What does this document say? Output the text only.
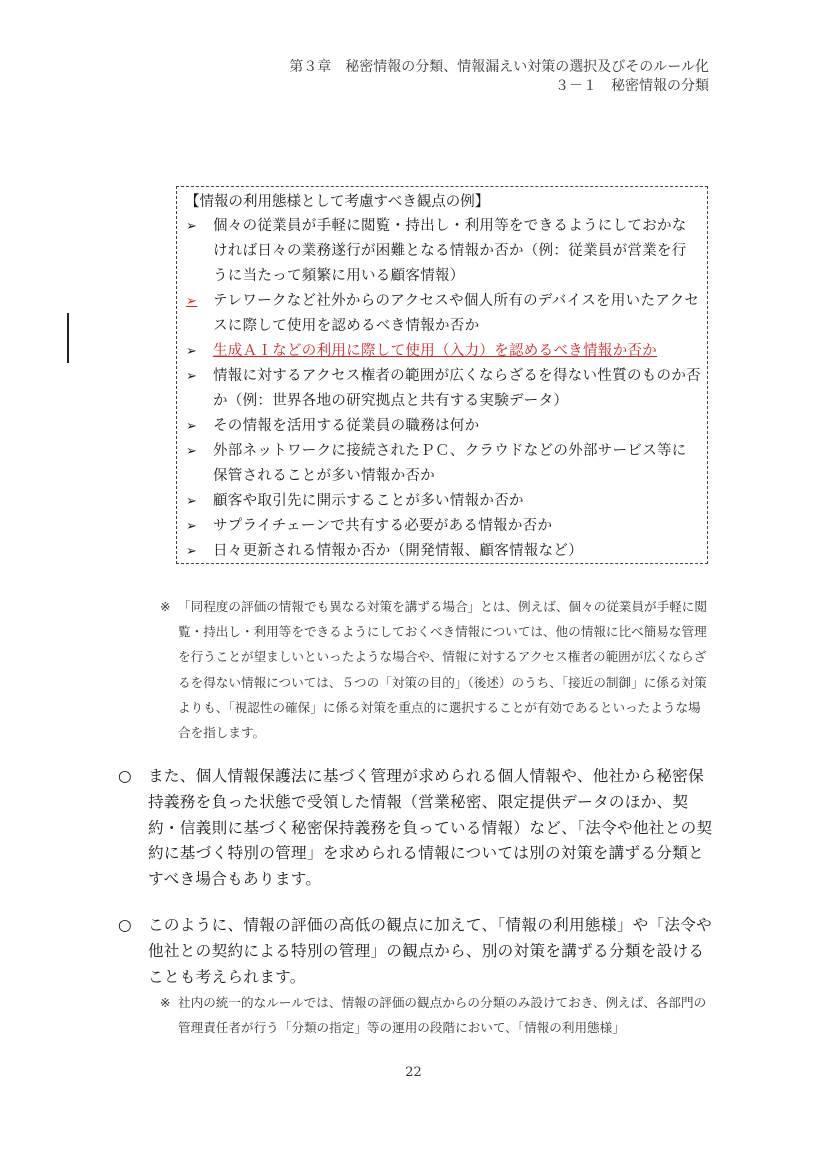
第３章　秘密情報の分類、情報漏えい対策の選択及びそのルール化
３－１　秘密情報の分類
【情報の利用態様として考慮すべき観点の例】
➢	個々の従業員が手軽に閲覧・持出し・利用等をできるようにしておかなければ日々の業務遂行が困難となる情報か否か（例：従業員が営業を行うに当たって頻繁に用いる顧客情報）
➢	テレワークなど社外からのアクセスや個人所有のデバイスを用いたアクセスに際して使用を認めるべき情報か否か
➢	生成ＡＩなどの利用に際して使用（入力）を認めるべき情報か否か
➢	情報に対するアクセス権者の範囲が広くならざるを得ない性質のものか否か（例：世界各地の研究拠点と共有する実験データ）
➢	その情報を活用する従業員の職務は何か
➢	外部ネットワークに接続されたＰＣ、クラウドなどの外部サービス等に保管されることが多い情報か否か
➢	顧客や取引先に開示することが多い情報か否か
➢	サプライチェーンで共有する必要がある情報か否か
➢	日々更新される情報か否か（開発情報、顧客情報など）
※ 「同程度の評価の情報でも異なる対策を講ずる場合」とは、例えば、個々の従業員が手軽に閲覧・持出し・利用等をできるようにしておくべき情報については、他の情報に比べ簡易な管理を行うことが望ましいといったような場合や、情報に対するアクセス権者の範囲が広くならざるを得ない情報については、５つの「対策の目的」（後述）のうち、「接近の制御」に係る対策よりも、「視認性の確保」に係る対策を重点的に選択することが有効であるといったような場合を指します。
○	また、個人情報保護法に基づく管理が求められる個人情報や、他社から秘密保持義務を負った状態で受領した情報（営業秘密、限定提供データのほか、契約・信義則に基づく秘密保持義務を負っている情報）など、「法令や他社との契約に基づく特別の管理」を求められる情報については別の対策を講ずる分類とすべき場合もあります。
○	このように、情報の評価の高低の観点に加えて、「情報の利用態様」や「法令や他社との契約による特別の管理」の観点から、別の対策を講ずる分類を設けることも考えられます。
※ 社内の統一的なルールでは、情報の評価の観点からの分類のみ設けておき、例えば、各部門の管理責任者が行う「分類の指定」等の運用の段階において、「情報の利用態様」
22
